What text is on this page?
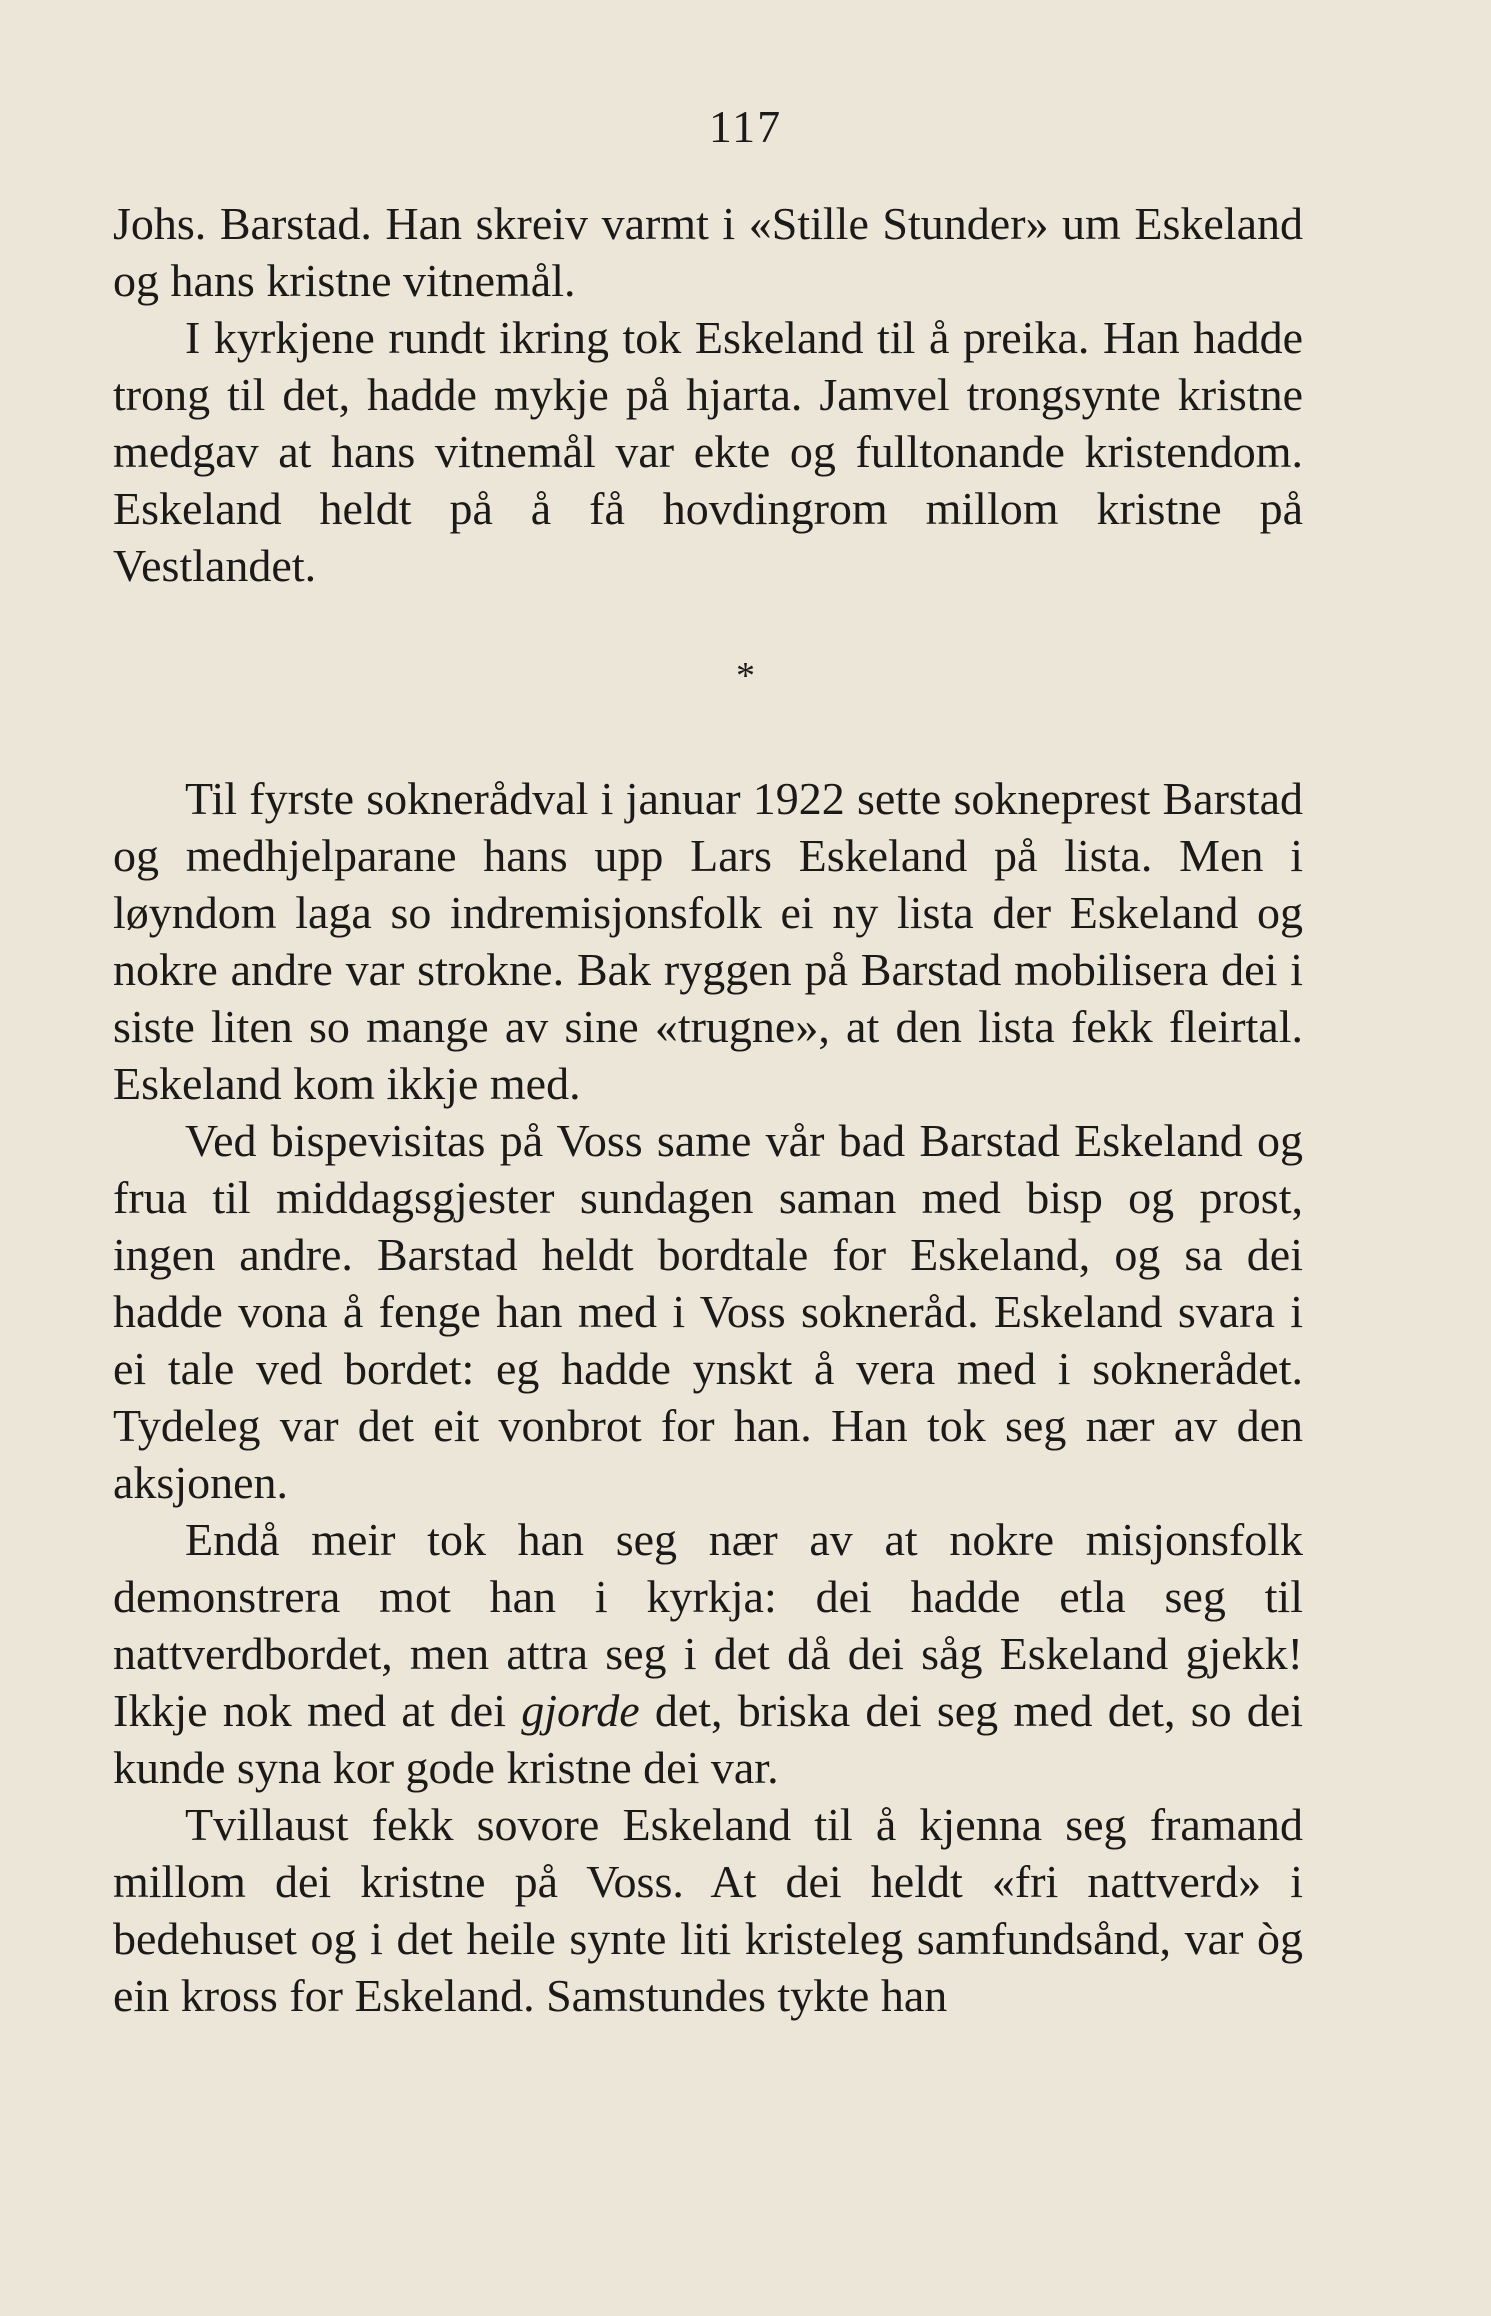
117

Johs. Barstad. Han skreiv varmt i «Stille Stunder» um Eskeland og hans kristne vitnemål.

I kyrkjene rundt ikring tok Eskeland til å preika. Han hadde trong til det, hadde mykje på hjarta. Jamvel trongsynte kristne medgav at hans vitnemål var ekte og fulltonande kristendom. Eskeland heldt på å få hovdingrom millom kristne på Vestlandet.

*

Til fyrste soknerådval i januar 1922 sette sokneprest Barstad og medhjelparane hans upp Lars Eskeland på lista. Men i løyndom laga so indremisjonsfolk ei ny lista der Eskeland og nokre andre var strokne. Bak ryggen på Barstad mobilisera dei i siste liten so mange av sine «trugne», at den lista fekk fleirtal. Eskeland kom ikkje med.

Ved bispevisitas på Voss same vår bad Barstad Eskeland og frua til middagsgjester sundagen saman med bisp og prost, ingen andre. Barstad heldt bordtale for Eskeland, og sa dei hadde vona å fenge han med i Voss sokneråd. Eskeland svara i ei tale ved bordet: eg hadde ynskt å vera med i soknerådet. Tydeleg var det eit vonbrot for han. Han tok seg nær av den aksjonen.

Endå meir tok han seg nær av at nokre misjonsfolk demonstrera mot han i kyrkja: dei hadde etla seg til nattverdbordet, men attra seg i det då dei såg Eskeland gjekk! Ikkje nok med at dei gjorde det, briska dei seg med det, so dei kunde syna kor gode kristne dei var.

Tvillaust fekk sovore Eskeland til å kjenna seg framand millom dei kristne på Voss. At dei heldt «fri nattverd» i bedehuset og i det heile synte liti kristeleg samfundsånd, var òg ein kross for Eskeland. Samstundes tykte han
